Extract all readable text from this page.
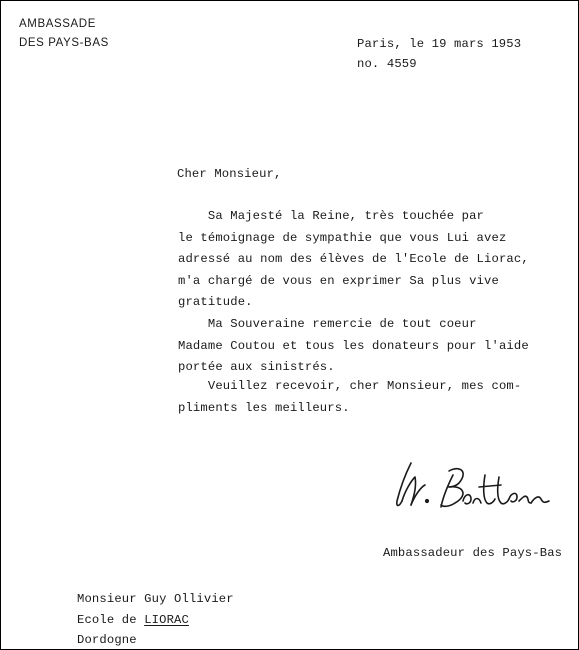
AMBASSADE
DES PAYS-BAS	Paris, le 19 mars 1953
no. 4559
Cher Monsieur,
Sa Majesté la Reine, très touchée par
le témoignage de sympathie que vous Lui avez
adressé au nom des élèves de l'Ecole de Liorac,
m'a chargé de vous en exprimer Sa plus vive
gratitude.
Ma Souveraine remercie de tout coeur
Madame Coutou et tous les donateurs pour l'aide
portée aux sinistrés.
Veuillez recevoir, cher Monsieur, mes com-
pliments les meilleurs.
Ambassadeur des Pays-Bas
Monsieur Guy Ollivier
Ecole de LIORAC
Dordogne
